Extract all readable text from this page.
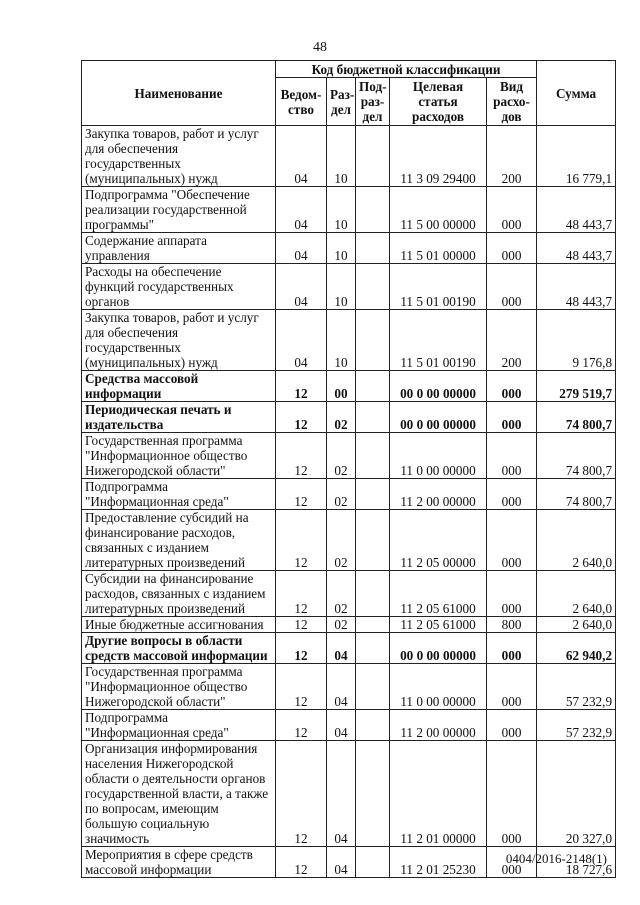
48
Наименование	Код бюджетной классификации					Сумма
	Ведом-ство	Раз-дел	Под-раз-дел	Целевая статья расходов	Вид расхо-дов	
Закупка товаров, работ и услуг для обеспечения государственных (муниципальных) нужд	04	10		11 3 09 29400	200	16 779,1
Подпрограмма "Обеспечение реализации государственной программы"	04	10		11 5 00 00000	000	48 443,7
Содержание аппарата управления	04	10		11 5 01 00000	000	48 443,7
Расходы на обеспечение функций государственных органов	04	10		11 5 01 00190	000	48 443,7
Закупка товаров, работ и услуг для обеспечения государственных (муниципальных) нужд	04	10		11 5 01 00190	200	9 176,8
Средства массовой информации	12	00		00 0 00 00000	000	279 519,7
Периодическая печать и издательства	12	02		00 0 00 00000	000	74 800,7
Государственная программа "Информационное общество Нижегородской области"	12	02		11 0 00 00000	000	74 800,7
Подпрограмма "Информационная среда"	12	02		11 2 00 00000	000	74 800,7
Предоставление субсидий на финансирование расходов, связанных с изданием литературных произведений	12	02		11 2 05 00000	000	2 640,0
Субсидии на финансирование расходов, связанных с изданием литературных произведений	12	02		11 2 05 61000	000	2 640,0
Иные бюджетные ассигнования	12	02		11 2 05 61000	800	2 640,0
Другие вопросы в области средств массовой информации	12	04		00 0 00 00000	000	62 940,2
Государственная программа "Информационное общество Нижегородской области"	12	04		11 0 00 00000	000	57 232,9
Подпрограмма "Информационная среда"	12	04		11 2 00 00000	000	57 232,9
Организация информирования населения Нижегородской области о деятельности органов государственной власти, а также по вопросам, имеющим большую социальную значимость	12	04		11 2 01 00000	000	20 327,0
Мероприятия в сфере средств массовой информации	12	04		11 2 01 25230	000	18 727,6
0404/2016-2148(1)
